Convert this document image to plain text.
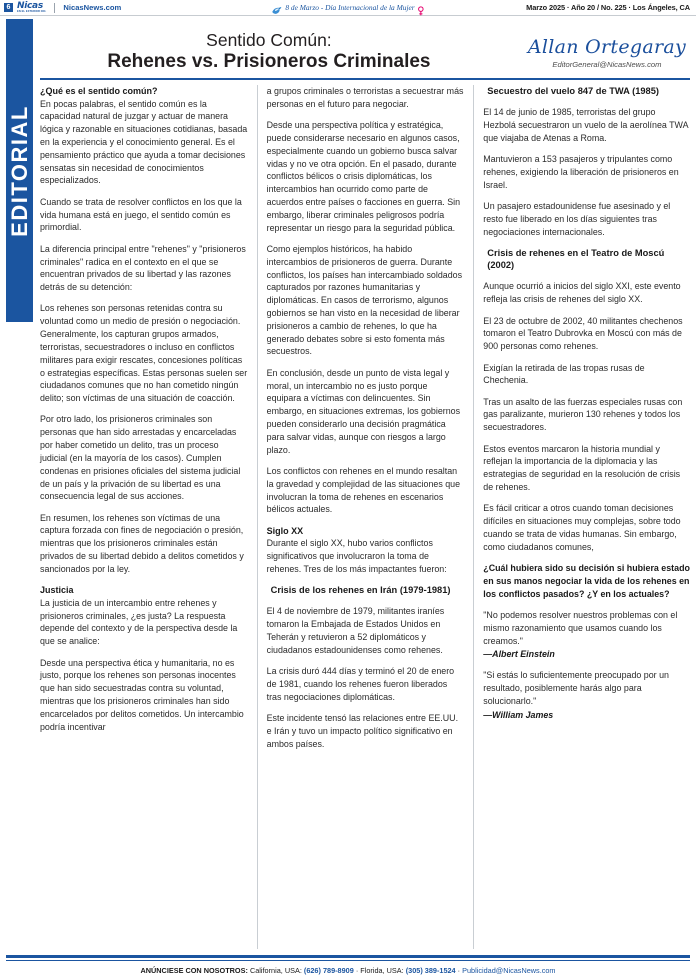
6 Nicas
EN EL EXTERIOR INC. NicasNews.com	8 de Marzo - Día Internacional de la Mujer	Marzo 2025 · Año 20 / No. 225 · Los Ángeles, CA
EDITORIAL
Sentido Común:
Rehenes vs. Prisioneros Criminales
Allan Ortegaray
EditorGeneral@NicasNews.com
¿Qué es el sentido común?

En pocas palabras, el sentido común es la capacidad natural de juzgar y actuar de manera lógica y razonable en situaciones cotidianas, basada en la experiencia y el conocimiento general. Es el pensamiento práctico que ayuda a tomar decisiones sensatas sin necesidad de conocimientos especializados.

Cuando se trata de resolver conflictos en los que la vida humana está en juego, el sentido común es primordial.

La diferencia principal entre "rehenes" y "prisioneros criminales" radica en el contexto en el que se encuentran privados de su libertad y las razones detrás de su detención:

Los rehenes son personas retenidas contra su voluntad como un medio de presión o negociación. Generalmente, los capturan grupos armados, terroristas, secuestradores o incluso en conflictos militares para exigir rescates, concesiones políticas o estrategias específicas. Estas personas suelen ser ciudadanos comunes que no han cometido ningún delito; son víctimas de una situación de coacción.

Por otro lado, los prisioneros criminales son personas que han sido arrestadas y encarceladas por haber cometido un delito, tras un proceso judicial (en la mayoría de los casos). Cumplen condenas en prisiones oficiales del sistema judicial de un país y la privación de su libertad es una consecuencia legal de sus acciones.

En resumen, los rehenes son víctimas de una captura forzada con fines de negociación o presión, mientras que los prisioneros criminales están privados de su libertad debido a delitos cometidos y sancionados por la ley.

Justicia

La justicia de un intercambio entre rehenes y prisioneros criminales, ¿es justa? La respuesta depende del contexto y de la perspectiva desde la que se analice:

Desde una perspectiva ética y humanitaria, no es justo, porque los rehenes son personas inocentes que han sido secuestradas contra su voluntad, mientras que los prisioneros criminales han sido encarcelados por delitos cometidos. Un intercambio podría incentivar

a grupos criminales o terroristas a secuestrar más personas en el futuro para negociar.

Desde una perspectiva política y estratégica, puede considerarse necesario en algunos casos, especialmente cuando un gobierno busca salvar vidas y no ve otra opción. En el pasado, durante conflictos bélicos o crisis diplomáticas, los intercambios han ocurrido como parte de acuerdos entre países o facciones en guerra. Sin embargo, liberar criminales peligrosos podría representar un riesgo para la seguridad pública.

Como ejemplos históricos, ha habido intercambios de prisioneros de guerra. Durante conflictos, los países han intercambiado soldados capturados por razones humanitarias y diplomáticas. En casos de terrorismo, algunos gobiernos se han visto en la necesidad de liberar prisioneros a cambio de rehenes, lo que ha generado debates sobre si esto fomenta más secuestros.

En conclusión, desde un punto de vista legal y moral, un intercambio no es justo porque equipara a víctimas con delincuentes. Sin embargo, en situaciones extremas, los gobiernos pueden considerarlo una decisión pragmática para salvar vidas, aunque con riesgos a largo plazo.

Los conflictos con rehenes en el mundo resaltan la gravedad y complejidad de las situaciones que involucran la toma de rehenes en escenarios bélicos actuales.

Siglo XX

Durante el siglo XX, hubo varios conflictos significativos que involucraron la toma de rehenes. Tres de los más impactantes fueron:

Crisis de los rehenes en Irán (1979-1981)

El 4 de noviembre de 1979, militantes iraníes tomaron la Embajada de Estados Unidos en Teherán y retuvieron a 52 diplomáticos y ciudadanos estadounidenses como rehenes.

La crisis duró 444 días y terminó el 20 de enero de 1981, cuando los rehenes fueron liberados tras negociaciones diplomáticas.

Este incidente tensó las relaciones entre EE.UU. e Irán y tuvo un impacto político significativo en ambos países.

Secuestro del vuelo 847 de TWA (1985)

El 14 de junio de 1985, terroristas del grupo Hezbolá secuestraron un vuelo de la aerolínea TWA que viajaba de Atenas a Roma.

Mantuvieron a 153 pasajeros y tripulantes como rehenes, exigiendo la liberación de prisioneros en Israel.

Un pasajero estadounidense fue asesinado y el resto fue liberado en los días siguientes tras negociaciones internacionales.

Crisis de rehenes en el Teatro de Moscú (2002)

Aunque ocurrió a inicios del siglo XXI, este evento refleja las crisis de rehenes del siglo XX.

El 23 de octubre de 2002, 40 militantes chechenos tomaron el Teatro Dubrovka en Moscú con más de 900 personas como rehenes.

Exigían la retirada de las tropas rusas de Chechenia.

Tras un asalto de las fuerzas especiales rusas con gas paralizante, murieron 130 rehenes y todos los secuestradores.

Estos eventos marcaron la historia mundial y reflejan la importancia de la diplomacia y las estrategias de seguridad en la resolución de crisis de rehenes.

Es fácil criticar a otros cuando toman decisiones difíciles en situaciones muy complejas, sobre todo cuando se trata de vidas humanas. Sin embargo, como ciudadanos comunes,

¿Cuál hubiera sido su decisión si hubiera estado en sus manos negociar la vida de los rehenes en los conflictos pasados? ¿Y en los actuales?

"No podemos resolver nuestros problemas con el mismo razonamiento que usamos cuando los creamos."

—Albert Einstein

"Si estás lo suficientemente preocupado por un resultado, posiblemente harás algo para solucionarlo."

—William James

ANÚNCIESE CON NOSOTROS: California, USA: (626) 789-8909 · Florida, USA: (305) 389-1524 · Publicidad@NicasNews.com
